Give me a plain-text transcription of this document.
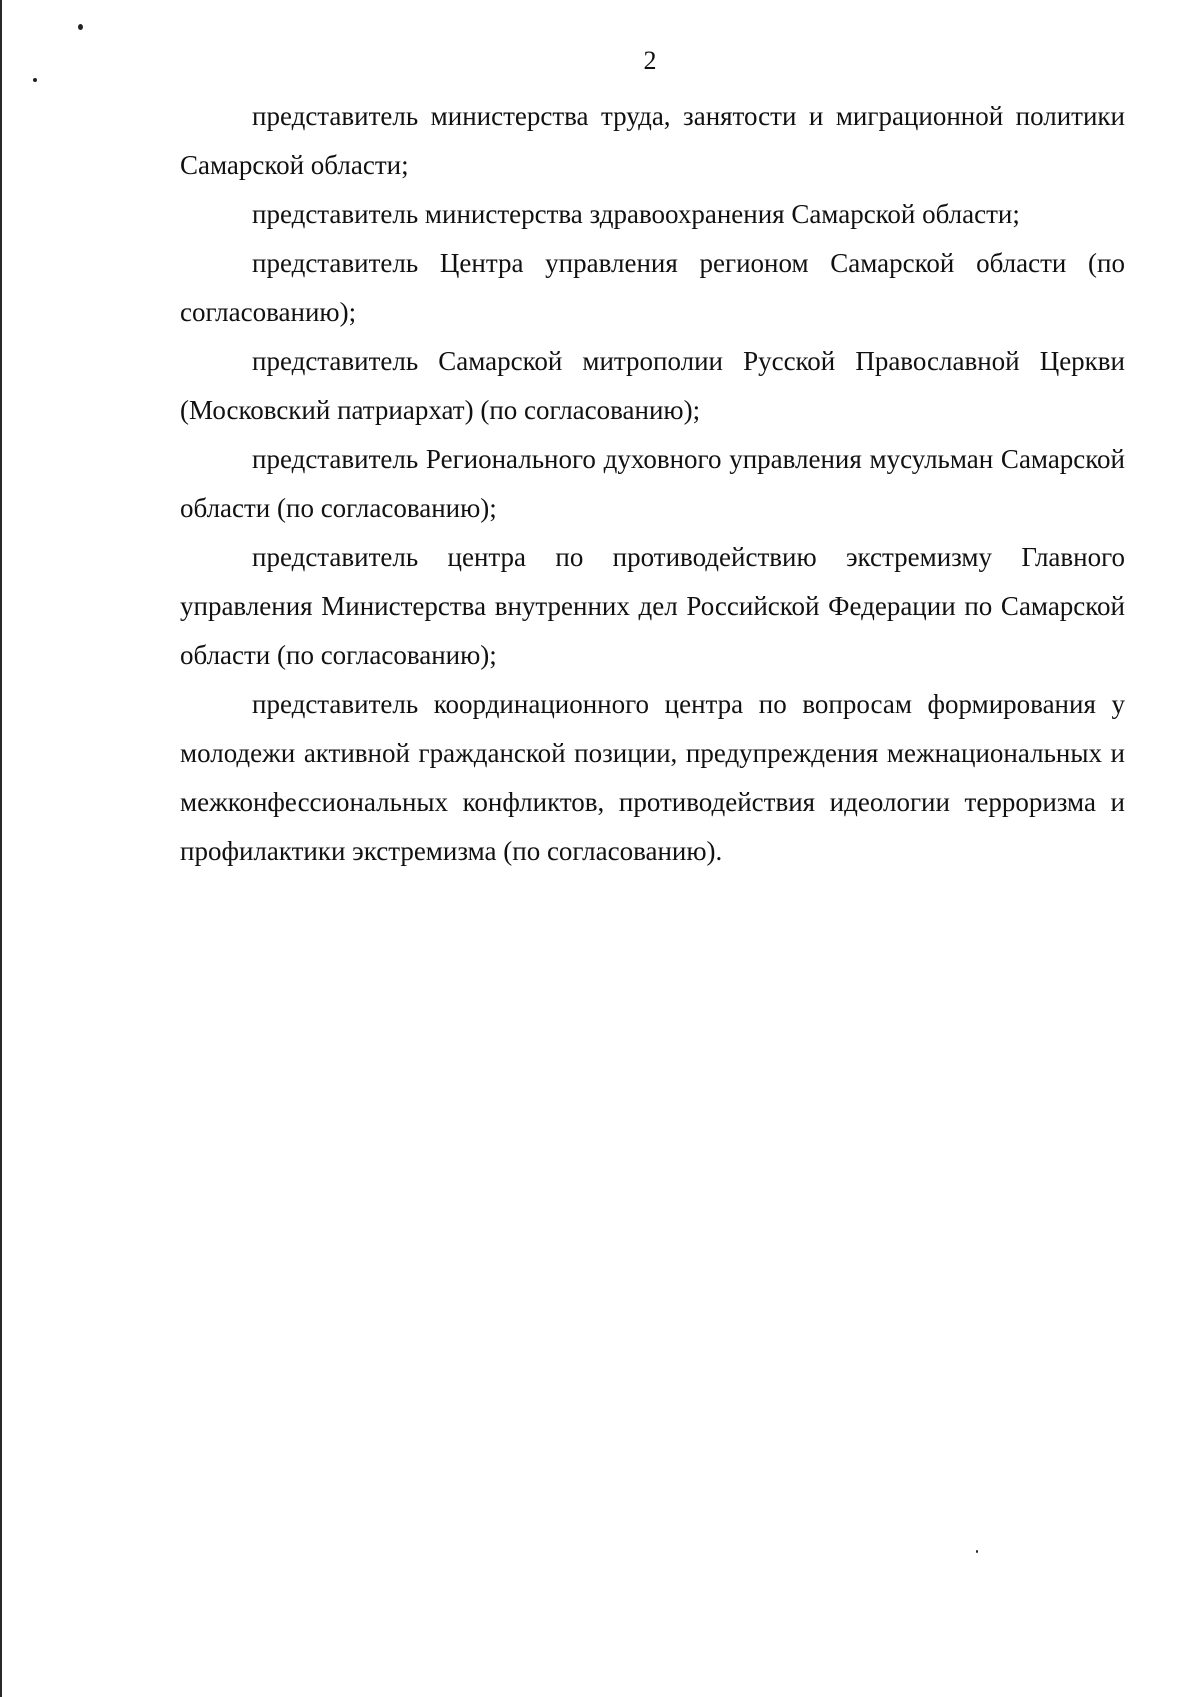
2

представитель министерства труда, занятости и миграционной политики Самарской области;

представитель министерства здравоохранения Самарской области;

представитель Центра управления регионом Самарской области (по согласованию);

представитель Самарской митрополии Русской Православной Церкви (Московский патриархат) (по согласованию);

представитель Регионального духовного управления мусульман Самарской области (по согласованию);

представитель центра по противодействию экстремизму Главного управления Министерства внутренних дел Российской Федерации по Самарской области (по согласованию);

представитель координационного центра по вопросам формирования у молодежи активной гражданской позиции, предупреждения межнациональных и межконфессиональных конфликтов, противодействия идеологии терроризма и профилактики экстремизма (по согласованию).
